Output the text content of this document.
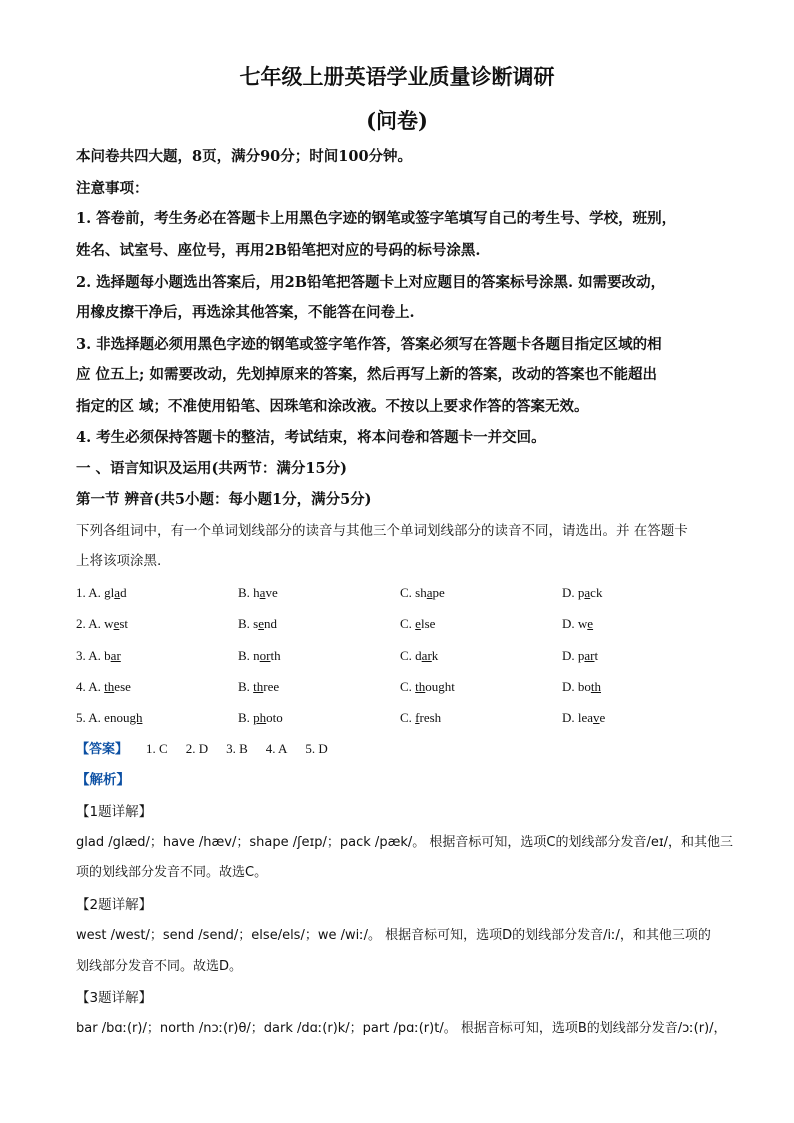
七年级上册英语学业质量诊断调研
(问卷)
本问卷共四大题，8页，满分90分；时间100分钟。
注意事项：
1. 答卷前，考生务必在答题卡上用黑色字迹的钢笔或签字笔填写自己的考生号、学校，班别，
姓名、试室号、座位号，再用2B铅笔把对应的号码的标号涂黑.
2. 选择题每小题选出答案后，用2B铅笔把答题卡上对应题目的答案标号涂黑. 如需要改动，
用橡皮擦干净后，再选涂其他答案，不能答在问卷上.
3. 非选择题必须用黑色字迹的钢笔或签字笔作答，答案必须写在答题卡各题目指定区域的相
应 位五上; 如需要改动，先划掉原来的答案，然后再写上新的答案，改动的答案也不能超出
指定的区 域；不准使用铅笔、因珠笔和涂改液。不按以上要求作答的答案无效。
4. 考生必须保持答题卡的整洁，考试结束，将本问卷和答题卡一并交回。
一 、语言知识及运用(共两节：满分15分)
第一节 辨音(共5小题：每小题1分，满分5分)
下列各组词中，有一个单词划线部分的读音与其他三个单词划线部分的读音不同，请选出。并 在答题卡
上将该项涂黑.
1. A. glad	B. have	C. shape	D. pack
2. A. west	B. send	C. else	D. we
3. A. bar	B. north	C. dark	D. part
4. A. these	B. three	C. thought	D. both
5. A. enough	B. photo	C. fresh	D. leave
【答案】 1. C 2. D 3. B 4. A 5. D
【解析】
【1题详解】
glad /glæd/；have /hæv/；shape /ʃeɪp/；pack /pæk/。 根据音标可知，选项C的划线部分发音/eɪ/，和其他三
项的划线部分发音不同。故选C。
【2题详解】
west /west/；send /send/；else/els/；we /wiː/。 根据音标可知，选项D的划线部分发音/iː/，和其他三项的
划线部分发音不同。故选D。
【3题详解】
bar /bɑː(r)/；north /nɔː(r)θ/；dark /dɑː(r)k/；part /pɑː(r)t/。 根据音标可知，选项B的划线部分发音/ɔː(r)/，
